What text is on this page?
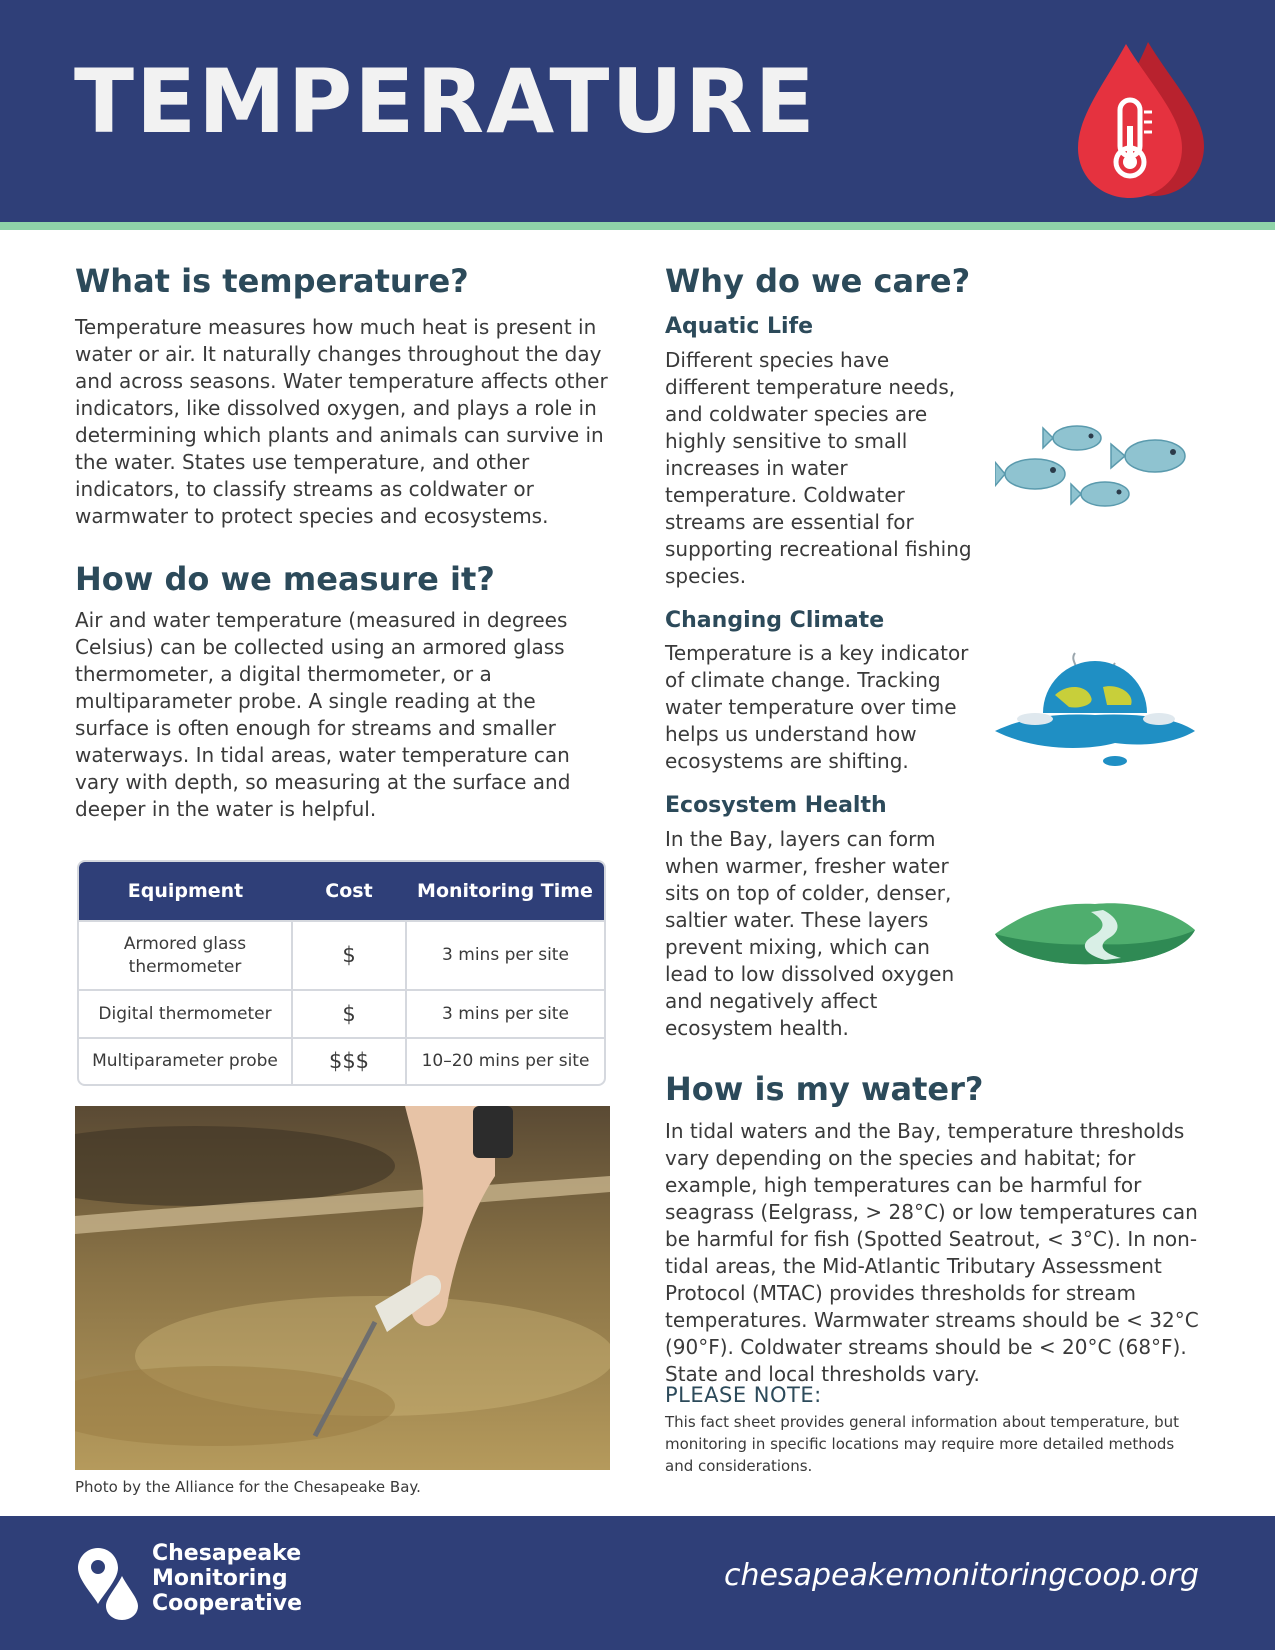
TEMPERATURE
What is temperature?

Temperature measures how much heat is present in water or air. It naturally changes throughout the day and across seasons. Water temperature affects other indicators, like dissolved oxygen, and plays a role in determining which plants and animals can survive in the water. States use temperature, and other indicators, to classify streams as coldwater or warmwater to protect species and ecosystems.

How do we measure it?

Air and water temperature (measured in degrees Celsius) can be collected using an armored glass thermometer, a digital thermometer, or a multiparameter probe. A single reading at the surface is often enough for streams and smaller waterways. In tidal areas, water temperature can vary with depth, so measuring at the surface and deeper in the water is helpful.

Equipment	Cost	Monitoring Time
Armored glass thermometer	$	3 mins per site
Digital thermometer	$	3 mins per site
Multiparameter probe	$$$	10–20 mins per site
Photo by the Alliance for the Chesapeake Bay.
Why do we care?
Aquatic Life

Different species have different temperature needs, and coldwater species are highly sensitive to small increases in water temperature. Coldwater streams are essential for supporting recreational fishing species.

Changing Climate

Temperature is a key indicator of climate change. Tracking water temperature over time helps us understand how ecosystems are shifting.

Ecosystem Health

In the Bay, layers can form when warmer, fresher water sits on top of colder, denser, saltier water. These layers prevent mixing, which can lead to low dissolved oxygen and negatively affect ecosystem health.

How is my water?

In tidal waters and the Bay, temperature thresholds vary depending on the species and habitat; for example, high temperatures can be harmful for seagrass (Eelgrass, > 28°C) or low temperatures can be harmful for fish (Spotted Seatrout, < 3°C). In non-tidal areas, the Mid-Atlantic Tributary Assessment Protocol (MTAC) provides thresholds for stream temperatures. Warmwater streams should be < 32°C (90°F). Coldwater streams should be < 20°C (68°F). State and local thresholds vary.

PLEASE NOTE:
This fact sheet provides general information about temperature, but monitoring in specific locations may require more detailed methods and considerations.
Chesapeake
Monitoring
Cooperative
chesapeakemonitoringcoop.org
